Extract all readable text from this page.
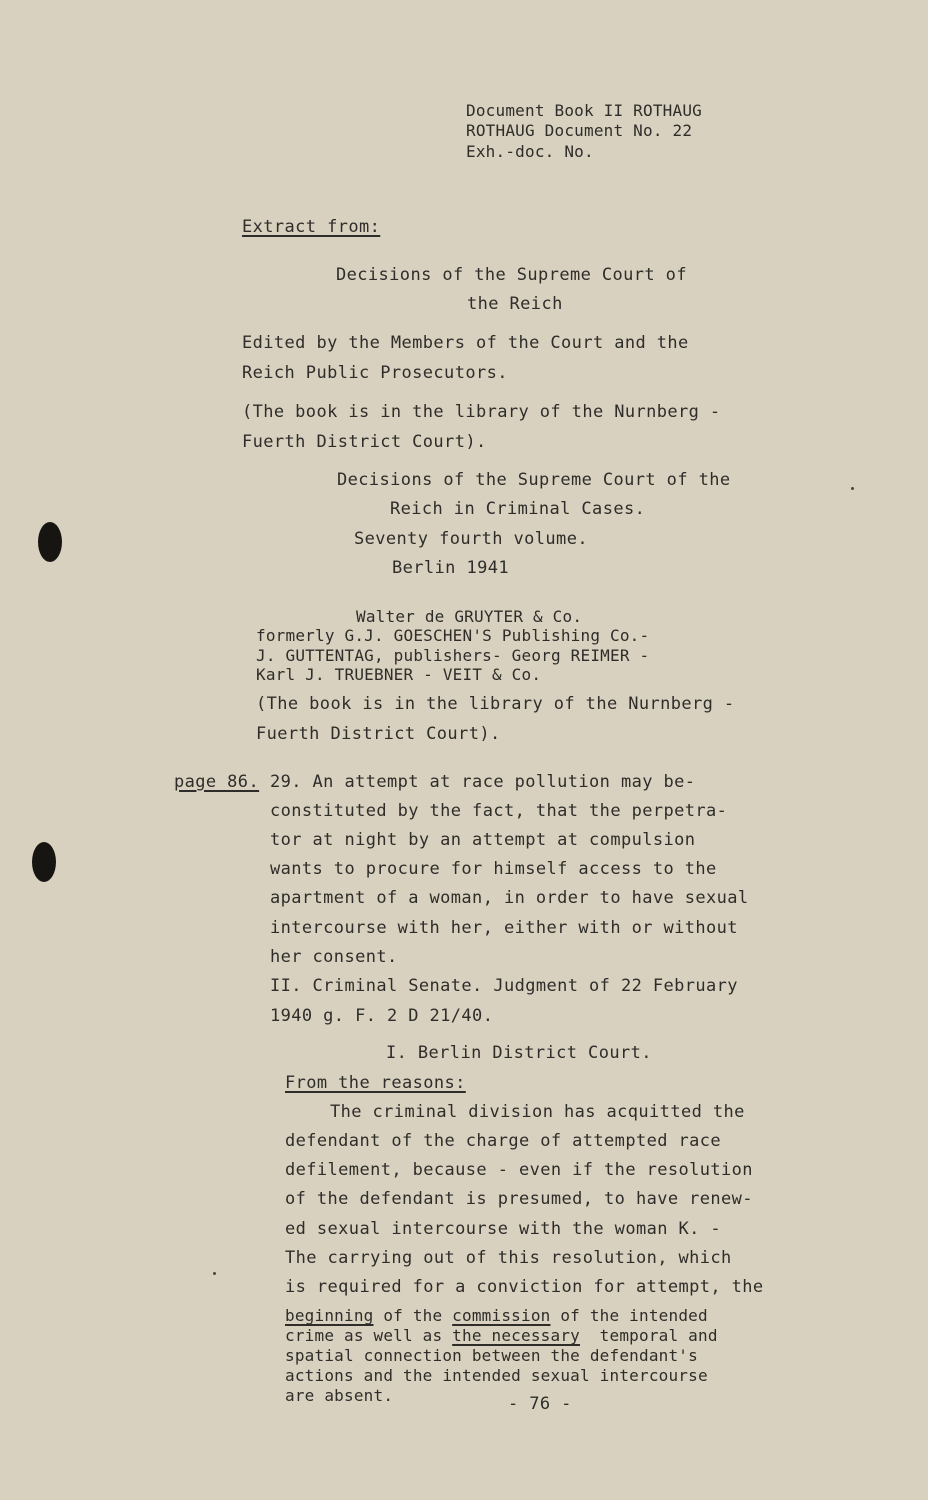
Document Book II ROTHAUG
ROTHAUG Document No. 22
Exh.-doc. No.
Extract from:
Decisions of the Supreme Court of
the Reich
Edited by the Members of the Court and the
Reich Public Prosecutors.
(The book is in the library of the Nurnberg -
Fuerth District Court).
Decisions of the Supreme Court of the
Reich in Criminal Cases.
Seventy fourth volume.
Berlin 1941
Walter de GRUYTER & Co.
formerly G.J. GOESCHEN'S Publishing Co.-
J. GUTTENTAG, publishers- Georg REIMER -
Karl J. TRUEBNER - VEIT & Co.
(The book is in the library of the Nurnberg -
Fuerth District Court).
page 86. 29. An attempt at race pollution may be-
constituted by the fact, that the perpetra-
tor at night by an attempt at compulsion
wants to procure for himself access to the
apartment of a woman, in order to have sexual
intercourse with her, either with or without
her consent.
II. Criminal Senate. Judgment of 22 February
1940 g. F. 2 D 21/40.
I. Berlin District Court.
From the reasons:
The criminal division has acquitted the
defendant of the charge of attempted race
defilement, because - even if the resolution
of the defendant is presumed, to have renew-
ed sexual intercourse with the woman K. -
The carrying out of this resolution, which
is required for a conviction for attempt, the
beginning of the commission of the intended
crime as well as the necessary  temporal and
spatial connection between the defendant's
actions and the intended sexual intercourse
are absent.	- 76 -
